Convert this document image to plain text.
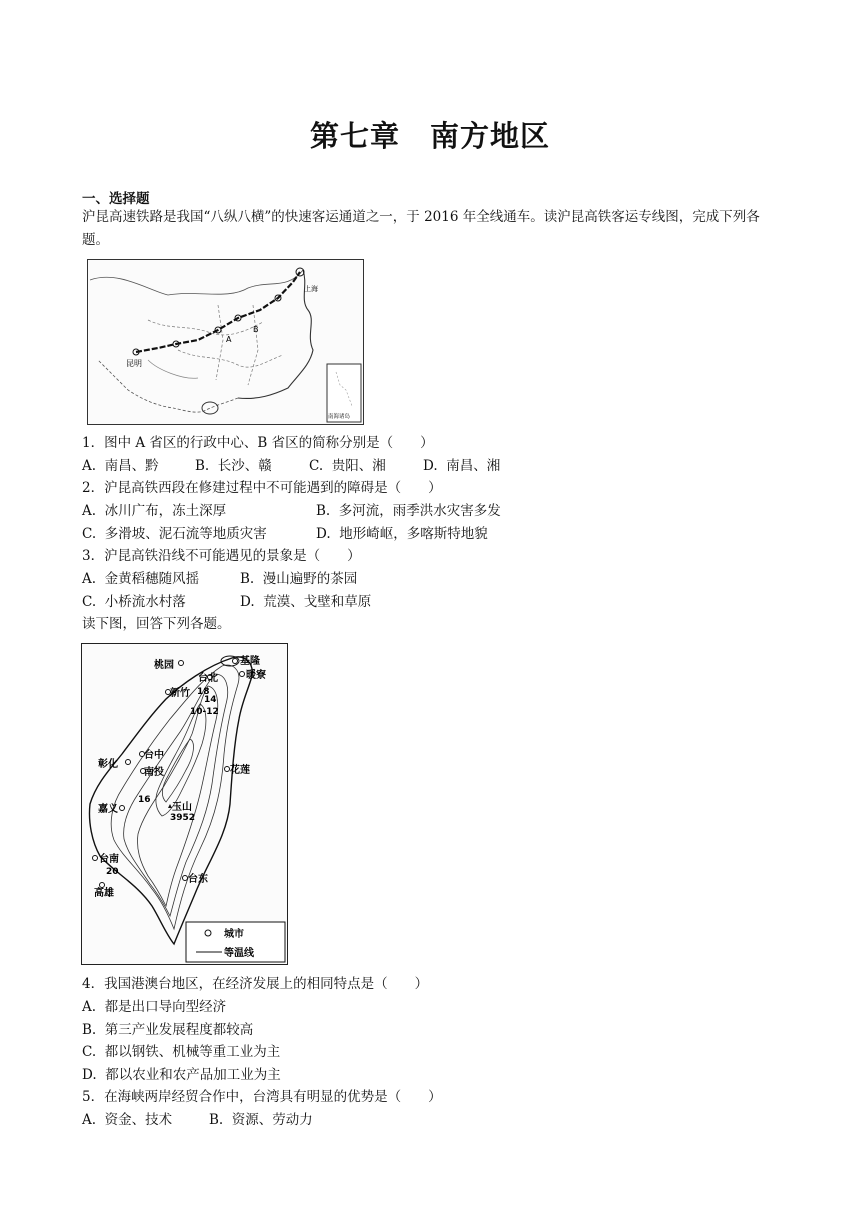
第七章　南方地区
一、选择题
沪昆高速铁路是我国“八纵八横”的快速客运通道之一，于 2016 年全线通车。读沪昆高铁客运专线图，完成下列各题。
昆明
上海
A
B
南海诸岛
1．图中 A 省区的行政中心、B 省区的简称分别是（　　）
A.  南昌、黔	B.  长沙、赣	C.  贵阳、湘	D.  南昌、湘
2．沪昆高铁西段在修建过程中不可能遇到的障碍是（　　）
A.  冰川广布，冻土深厚	B.  多河流，雨季洪水灾害多发
C.  多滑坡、泥石流等地质灾害	D.  地形崎岖，多喀斯特地貌
3．沪昆高铁沿线不可能遇见的景象是（　　）
A.  金黄稻穗随风摇	B.  漫山遍野的茶园
C.  小桥流水村落	D.  荒漠、戈壁和草原
读下图，回答下列各题。
桃园	基隆
台北	暖寮
新竹 18
14
10-12
台中
彰化
南投	花莲
16
玉山
3952
嘉义
台南
20
台东
高雄
城市
等温线
4．我国港澳台地区，在经济发展上的相同特点是（　　）
A.  都是出口导向型经济
B.  第三产业发展程度都较高
C.  都以钢铁、机械等重工业为主
D.  都以农业和农产品加工业为主
5．在海峡两岸经贸合作中，台湾具有明显的优势是（　　）
A.  资金、技术	B.  资源、劳动力
